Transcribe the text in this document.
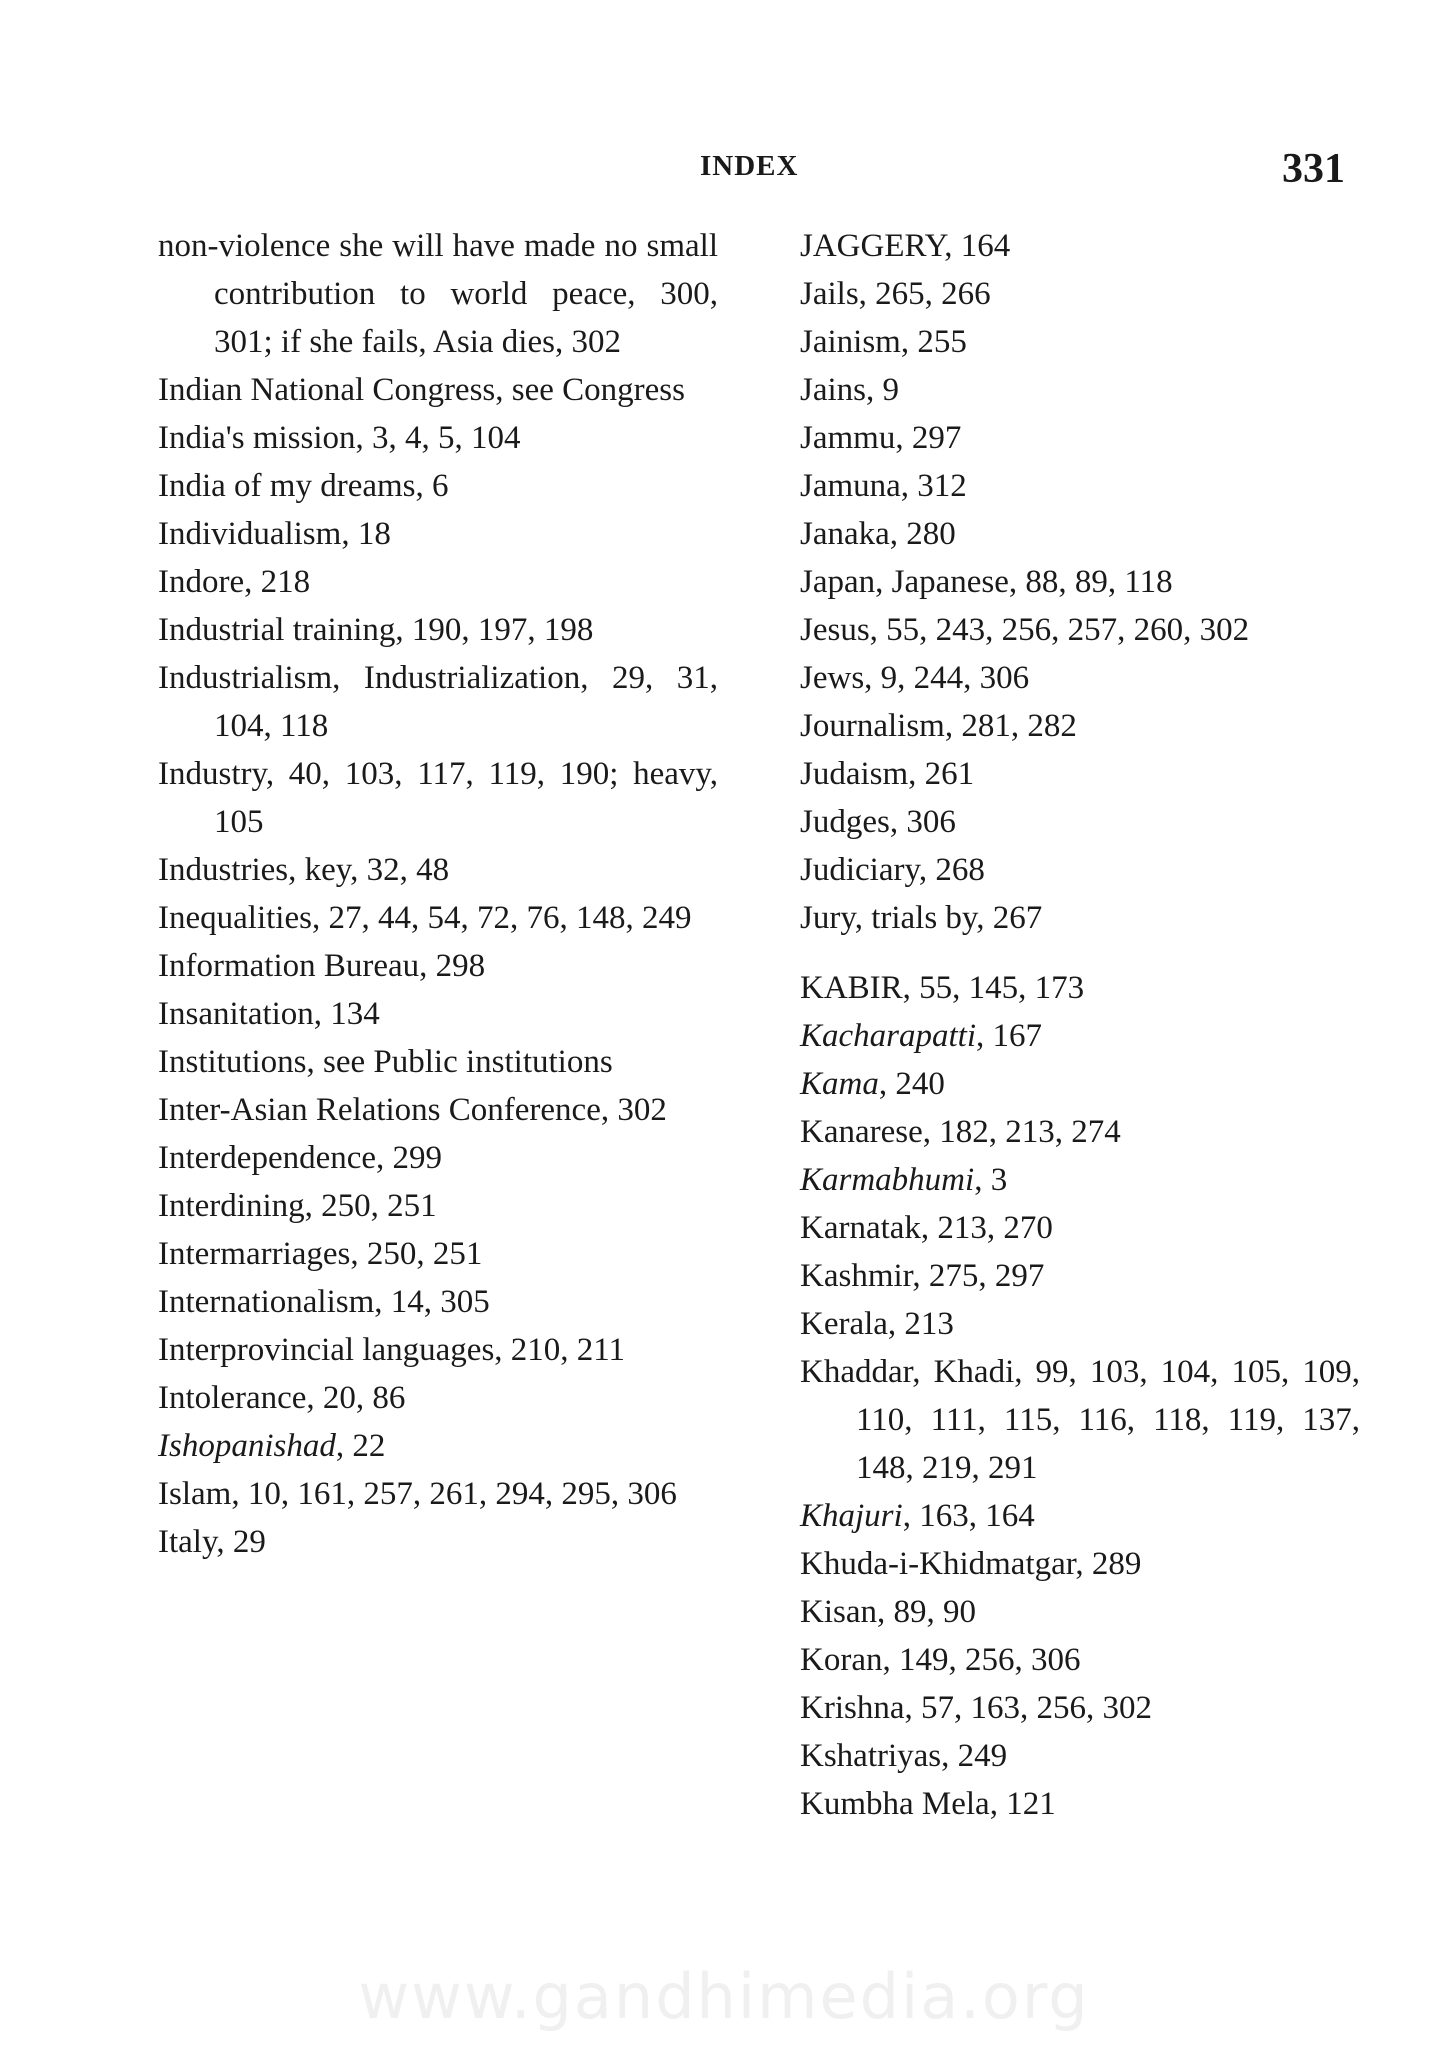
INDEX	331

non-violence she will have made no small contribution to world peace, 300, 301; if she fails, Asia dies, 302

Indian National Congress, see Congress

India's mission, 3, 4, 5, 104

India of my dreams, 6

Individualism, 18

Indore, 218

Industrial training, 190, 197, 198

Industrialism, Industrialization, 29, 31, 104, 118

Industry, 40, 103, 117, 119, 190; heavy, 105

Industries, key, 32, 48

Inequalities, 27, 44, 54, 72, 76, 148, 249

Information Bureau, 298

Insanitation, 134

Institutions, see Public institutions

Inter-Asian Relations Conference, 302

Interdependence, 299

Interdining, 250, 251

Intermarriages, 250, 251

Internationalism, 14, 305

Interprovincial languages, 210, 211

Intolerance, 20, 86

Ishopanishad, 22

Islam, 10, 161, 257, 261, 294, 295, 306

Italy, 29

JAGGERY, 164

Jails, 265, 266

Jainism, 255

Jains, 9

Jammu, 297

Jamuna, 312

Janaka, 280

Japan, Japanese, 88, 89, 118

Jesus, 55, 243, 256, 257, 260, 302

Jews, 9, 244, 306

Journalism, 281, 282

Judaism, 261

Judges, 306

Judiciary, 268

Jury, trials by, 267

KABIR, 55, 145, 173

Kacharapatti, 167

Kama, 240

Kanarese, 182, 213, 274

Karmabhumi, 3

Karnatak, 213, 270

Kashmir, 275, 297

Kerala, 213

Khaddar, Khadi, 99, 103, 104, 105, 109, 110, 111, 115, 116, 118, 119, 137, 148, 219, 291

Khajuri, 163, 164

Khuda-i-Khidmatgar, 289

Kisan, 89, 90

Koran, 149, 256, 306

Krishna, 57, 163, 256, 302

Kshatriyas, 249

Kumbha Mela, 121

www.gandhimedia.org
